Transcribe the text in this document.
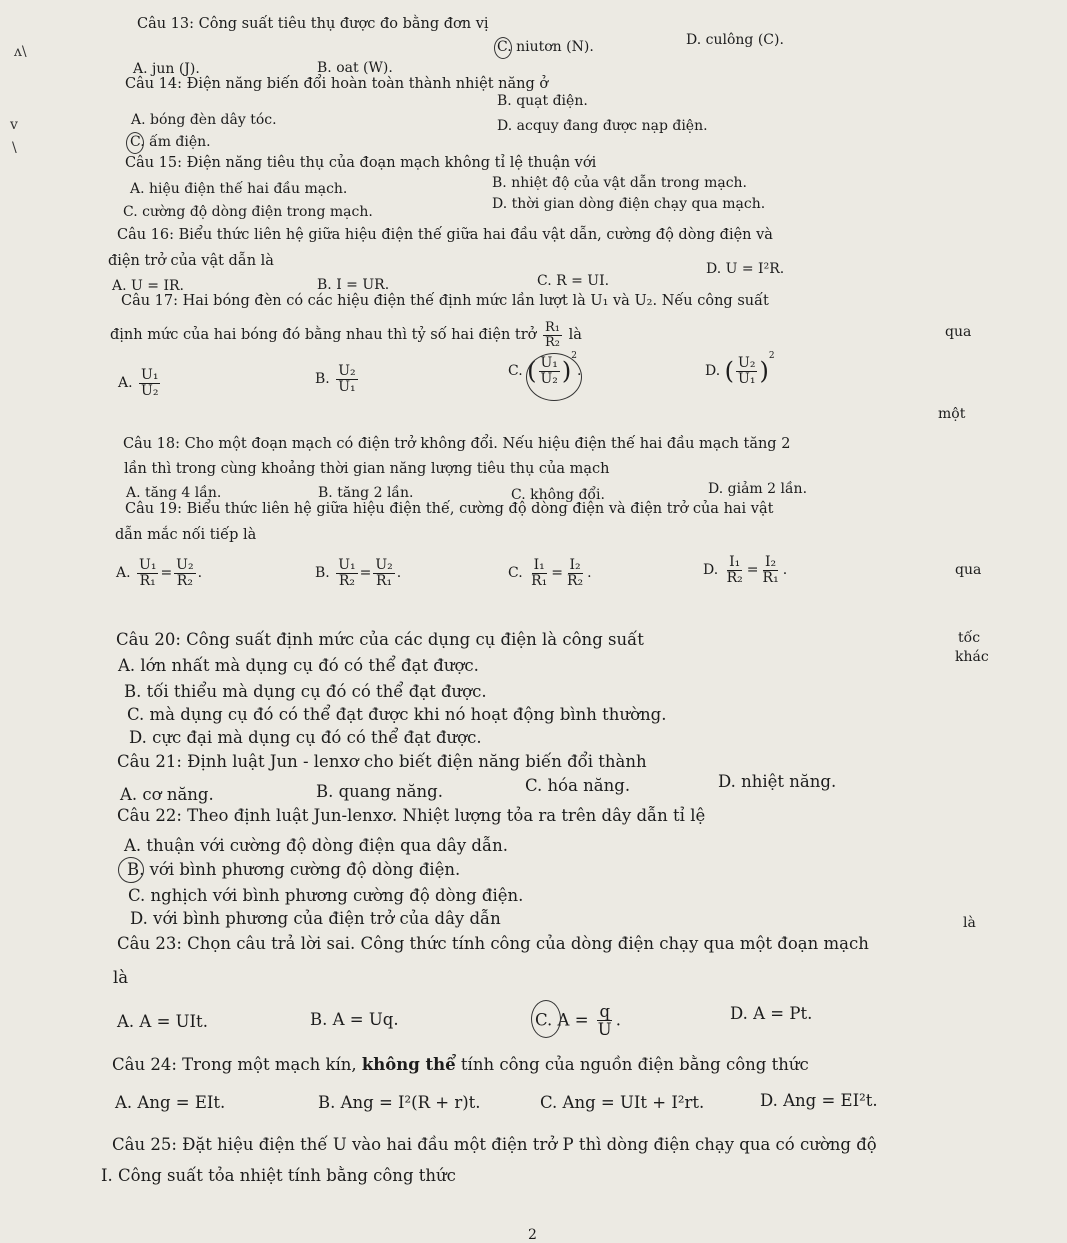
Câu 13: Công suất tiêu thụ được đo bằng đơn vị
A. jun (J).	B. oat (W).
C. niutơn (N).	D. culông (C).
Câu 14: Điện năng biến đổi hoàn toàn thành nhiệt năng ở
A. bóng đèn dây tóc.
B. quạt điện.
C. ấm điện.
D. acquy đang được nạp điện.
Câu 15: Điện năng tiêu thụ của đoạn mạch không tỉ lệ thuận với
A. hiệu điện thế hai đầu mạch.	B. nhiệt độ của vật dẫn trong mạch.
C. cường độ dòng điện trong mạch.	D. thời gian dòng điện chạy qua mạch.
Câu 16: Biểu thức liên hệ giữa hiệu điện thế giữa hai đầu vật dẫn, cường độ dòng điện và
điện trở của vật dẫn là
A. U = IR.	B. I = UR.	C. R = UI.
D. U = I²R.
Câu 17: Hai bóng đèn có các hiệu điện thế định mức lần lượt là U₁ và U₂. Nếu công suất
định mức của hai bóng đó bằng nhau thì tỷ số hai điện trở $\frac{\text{R₁}}{\text{R₂}}$ là
A. $\frac{\text{U₁}}{\text{U₂}}$	B. $\frac{\text{U₂}}{\text{U₁}}$	C. ( $\frac{\text{U₁}}{\text{U₂}} )^2$.	D. ( $\frac{\text{U₂}}{\text{U₁}} )^2$
Câu 18: Cho một đoạn mạch có điện trở không đổi. Nếu hiệu điện thế hai đầu mạch tăng 2
lần thì trong cùng khoảng thời gian năng lượng tiêu thụ của mạch
A. tăng 4 lần.	B. tăng 2 lần.	C. không đổi.	D. giảm 2 lần.
Câu 19: Biểu thức liên hệ giữa hiệu điện thế, cường độ dòng điện và điện trở của hai vật
dẫn mắc nối tiếp là
A. $\frac{\text{U₁}}{\text{R₁}} = \frac{\text{U₂}}{\text{R₂}}$ .	B. $\frac{\text{U₁}}{\text{R₂}} = \frac{\text{U₂}}{\text{R₁}}$ .	C. $\frac{\text{I₁}}{\text{R₁}} = \frac{\text{I₂}}{\text{R₂}}$ .	D. $\frac{\text{I₁}}{\text{R₂}} = \frac{\text{I₂}}{\text{R₁}}$ .
Câu 20: Công suất định mức của các dụng cụ điện là công suất
A. lớn nhất mà dụng cụ đó có thể đạt được.
B. tối thiểu mà dụng cụ đó có thể đạt được.
C. mà dụng cụ đó có thể đạt được khi nó hoạt động bình thường.
D. cực đại mà dụng cụ đó có thể đạt được.
Câu 21: Định luật Jun - lenxơ cho biết điện năng biến đổi thành
A. cơ năng.	B. quang năng.	C. hóa năng.	D. nhiệt năng.
Câu 22: Theo định luật Jun-lenxơ. Nhiệt lượng tỏa ra trên dây dẫn tỉ lệ
A. thuận với cường độ dòng điện qua dây dẫn.
B. với bình phương cường độ dòng điện.
C. nghịch với bình phương cường độ dòng điện.
D. với bình phương của điện trở của dây dẫn
Câu 23: Chọn câu trả lời sai. Công thức tính công của dòng điện chạy qua một đoạn mạch
là
A. A = UIt.	B. A = Uq.	C. $A = \frac{q}{U}$ .	D. A = Pt.
Câu 24: Trong một mạch kín, không thể tính công của nguồn điện bằng công thức
A. Ang = EIt.	B. Ang = I²(R + r)t.	C. Ang = UIt + I²rt.	D. Ang = EI²t.
Câu 25: Đặt hiệu điện thế U vào hai đầu một điện trở P thì dòng điện chạy qua có cường độ
I. Công suất tỏa nhiệt tính bằng công thức
qua
một
qua
tốc
khác
là
ʌ\
v
\
2
